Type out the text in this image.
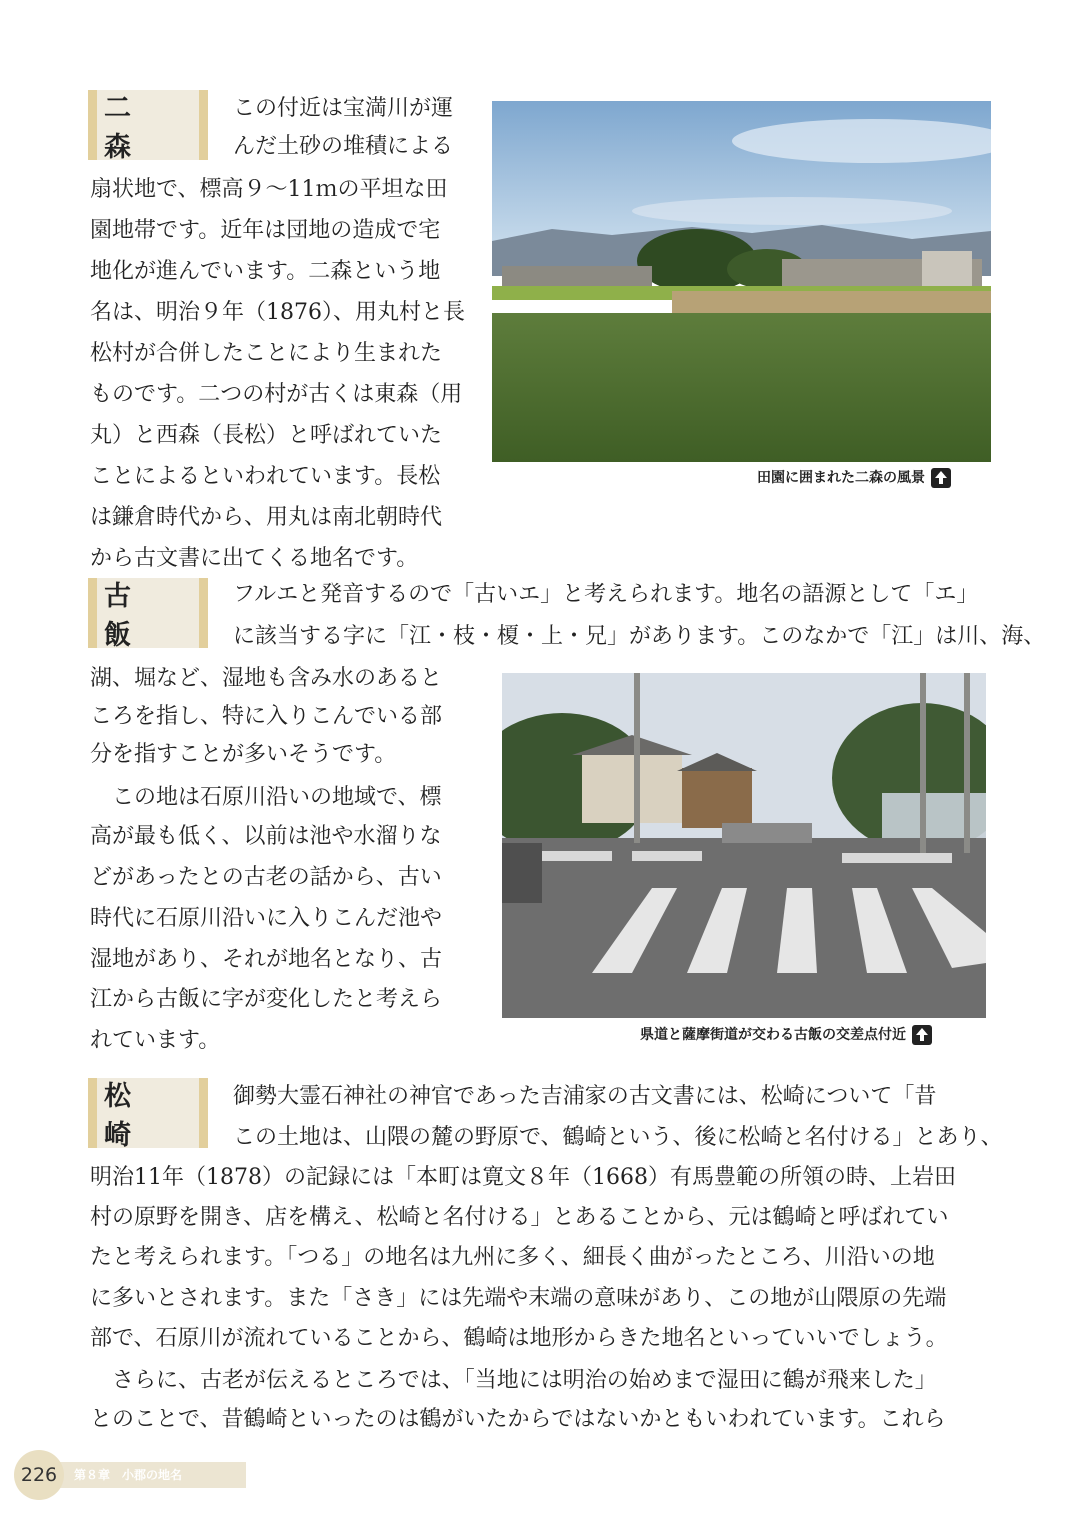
二 森
この付近は宝満川が運
んだ土砂の堆積による
扇状地で、標高９～11ｍの平坦な田
園地帯です。近年は団地の造成で宅
地化が進んでいます。二森という地
名は、明治９年（1876）、用丸村と長
松村が合併したことにより生まれた
ものです。二つの村が古くは東森（用
丸）と西森（長松）と呼ばれていた
ことによるといわれています。長松
は鎌倉時代から、用丸は南北朝時代
から古文書に出てくる地名です。
田園に囲まれた二森の風景
古 飯
フルエと発音するので「古いエ」と考えられます。地名の語源として「エ」
に該当する字に「江・枝・榎・上・兄」があります。このなかで「江」は川、海、
湖、堀など、湿地も含み水のあると
ころを指し、特に入りこんでいる部
分を指すことが多いそうです。
　この地は石原川沿いの地域で、標
高が最も低く、以前は池や水溜りな
どがあったとの古老の話から、古い
時代に石原川沿いに入りこんだ池や
湿地があり、それが地名となり、古
江から古飯に字が変化したと考えら
れています。	県道と薩摩街道が交わる古飯の交差点付近
松 崎
御勢大霊石神社の神官であった吉浦家の古文書には、松崎について「昔
この土地は、山隈の麓の野原で、鶴崎という、後に松崎と名付ける」とあり、
明治11年（1878）の記録には「本町は寛文８年（1668）有馬豊範の所領の時、上岩田
村の原野を開き、店を構え、松崎と名付ける」とあることから、元は鶴崎と呼ばれてい
たと考えられます。「つる」の地名は九州に多く、細長く曲がったところ、川沿いの地
に多いとされます。また「さき」には先端や末端の意味があり、この地が山隈原の先端
部で、石原川が流れていることから、鶴崎は地形からきた地名といっていいでしょう。
　さらに、古老が伝えるところでは、「当地には明治の始めまで湿田に鶴が飛来した」
とのことで、昔鶴崎といったのは鶴がいたからではないかともいわれています。これら
226	第８章　小郡の地名
